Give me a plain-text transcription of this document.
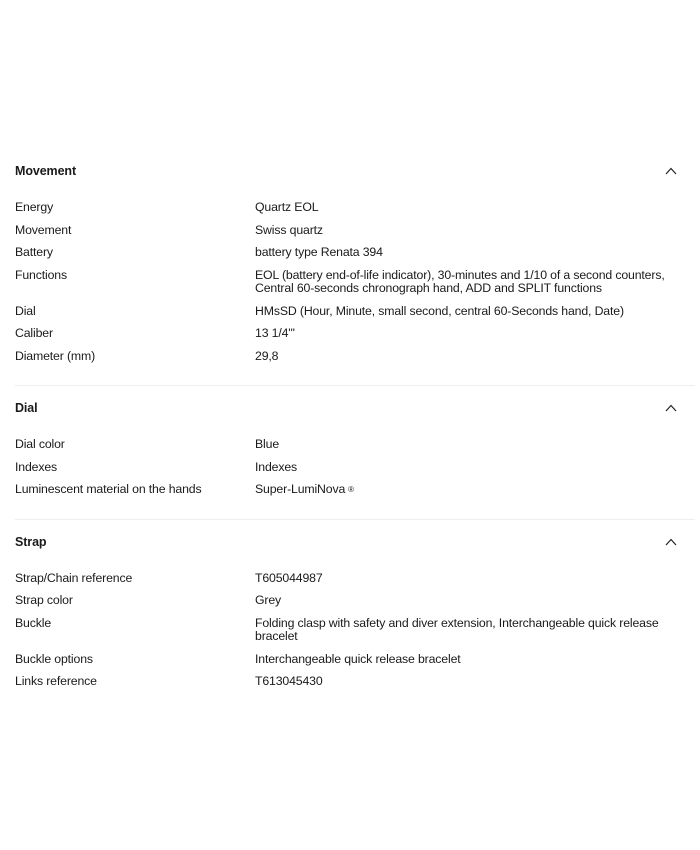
Movement
Energy	Quartz EOL
Movement	Swiss quartz
Battery	battery type Renata 394
Functions	EOL (battery end-of-life indicator), 30-minutes and 1/10 of a second counters, Central 60-seconds chronograph hand, ADD and SPLIT functions
Dial	HMsSD (Hour, Minute, small second, central 60-Seconds hand, Date)
Caliber	13 1/4'''
Diameter (mm)	29,8
Dial
Dial color	Blue
Indexes	Indexes
Luminescent material on the hands	Super-LumiNova ®
Strap
Strap/Chain reference	T605044987
Strap color	Grey
Buckle	Folding clasp with safety and diver extension, Interchangeable quick release bracelet
Buckle options	Interchangeable quick release bracelet
Links reference	T613045430
